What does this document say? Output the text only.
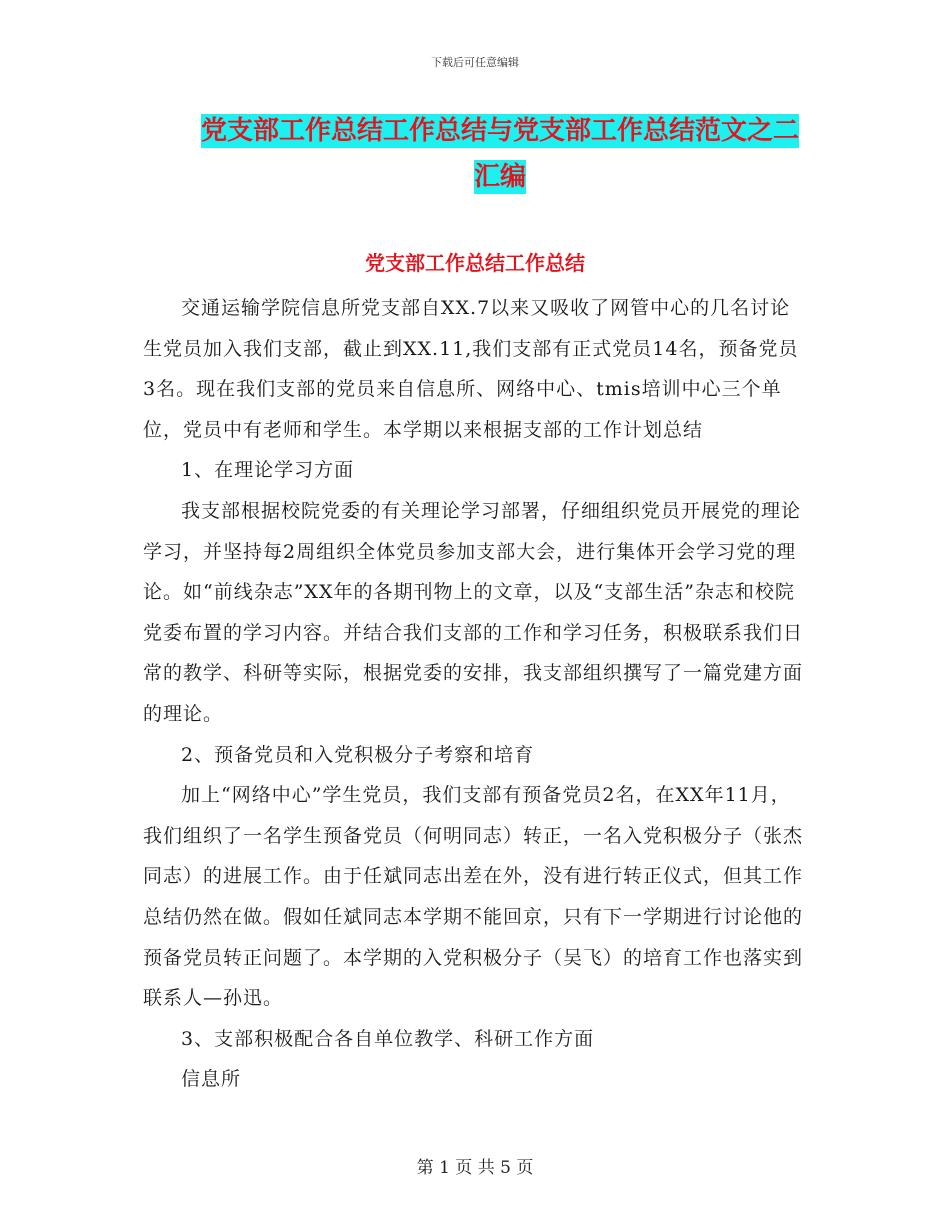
下载后可任意编辑
党支部工作总结工作总结与党支部工作总结范文之二汇编
党支部工作总结工作总结

交通运输学院信息所党支部自XX.7以来又吸收了网管中心的几名讨论生党员加入我们支部，截止到XX.11,我们支部有正式党员14名，预备党员3名。现在我们支部的党员来自信息所、网络中心、tmis培训中心三个单位，党员中有老师和学生。本学期以来根据支部的工作计划总结

1、在理论学习方面

我支部根据校院党委的有关理论学习部署，仔细组织党员开展党的理论学习，并坚持每2周组织全体党员参加支部大会，进行集体开会学习党的理论。如“前线杂志”XX年的各期刊物上的文章，以及“支部生活”杂志和校院党委布置的学习内容。并结合我们支部的工作和学习任务，积极联系我们日常的教学、科研等实际，根据党委的安排，我支部组织撰写了一篇党建方面的理论。

2、预备党员和入党积极分子考察和培育

加上“网络中心”学生党员，我们支部有预备党员2名，在XX年11月，我们组织了一名学生预备党员（何明同志）转正，一名入党积极分子（张杰同志）的进展工作。由于任斌同志出差在外，没有进行转正仪式，但其工作总结仍然在做。假如任斌同志本学期不能回京，只有下一学期进行讨论他的预备党员转正问题了。本学期的入党积极分子（吴飞）的培育工作也落实到联系人—孙迅。

3、支部积极配合各自单位教学、科研工作方面

信息所

第 1 页 共 5 页
